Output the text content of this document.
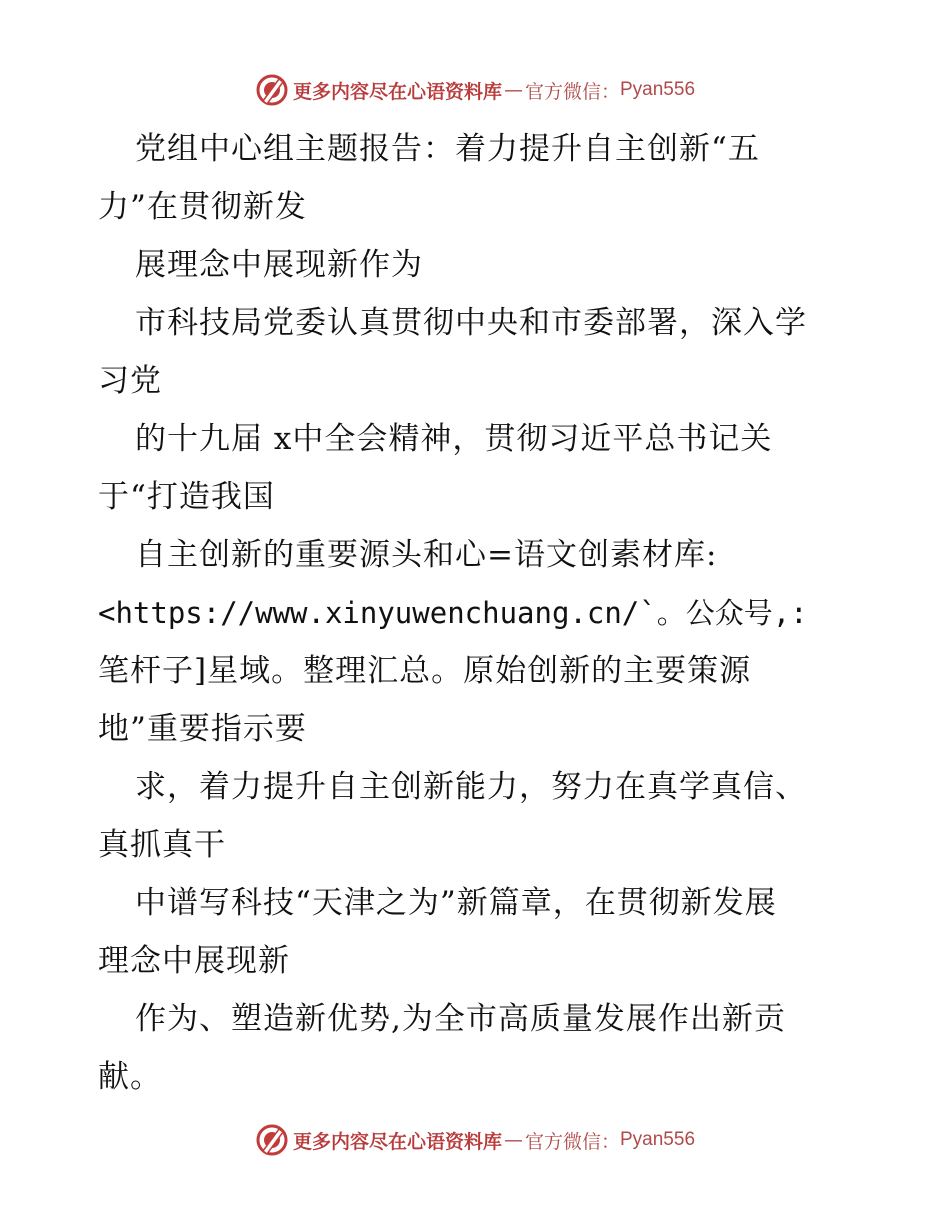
更多内容尽在心语资料库 — 官方微信： Pyan556
党组中心组主题报告：着力提升自主创新“五
力”在贯彻新发
展理念中展现新作为
市科技局党委认真贯彻中央和市委部署，深入学
习党
的十九届 x中全会精神，贯彻习近平总书记关
于“打造我国
自主创新的重要源头和心=语文创素材库:
<https://www.xinyuwenchuang.cn/`。公众号,:
笔杆子]星域。整理汇总。原始创新的主要策源
地”重要指示要
求，着力提升自主创新能力，努力在真学真信、
真抓真干
中谱写科技“天津之为”新篇章，在贯彻新发展
理念中展现新
作为、塑造新优势,为全市高质量发展作出新贡
献。
更多内容尽在心语资料库 — 官方微信： Pyan556
